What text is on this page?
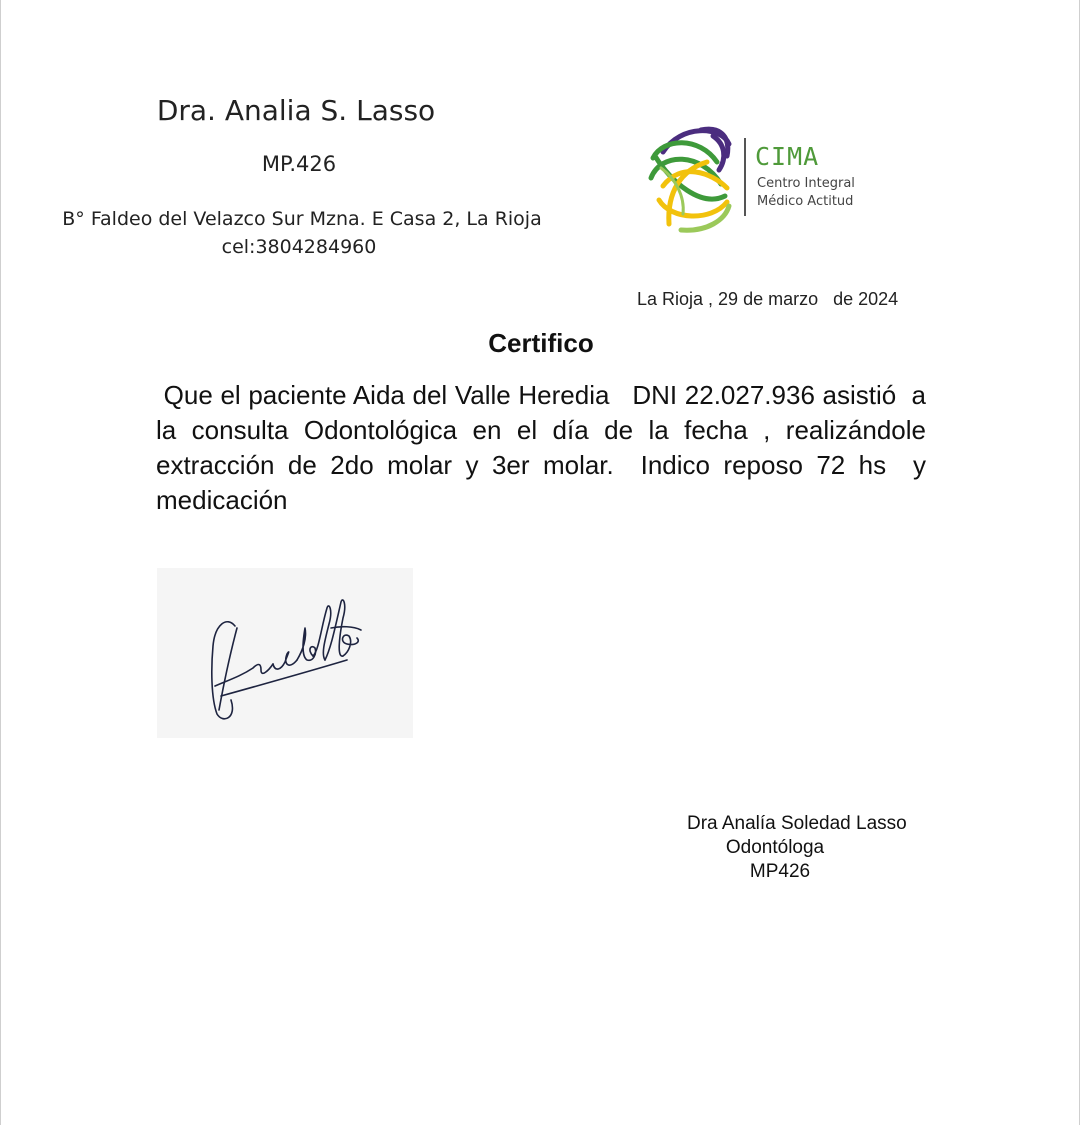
Dra. Analia S. Lasso
MP.426
B° Faldeo del Velazco Sur Mzna. E Casa 2, La Rioja
cel:3804284960
CIMA
Centro Integral
Médico Actitud
La Rioja , 29 de marzo   de 2024
Certifico
Que el paciente Aida del Valle Heredia   DNI 22.027.936 asistió  a la consulta Odontológica en el día de la fecha , realizándole extracción de 2do molar y 3er molar.  Indico reposo 72 hs  y medicación
Dra Analía Soledad Lasso
Odontóloga
MP426
